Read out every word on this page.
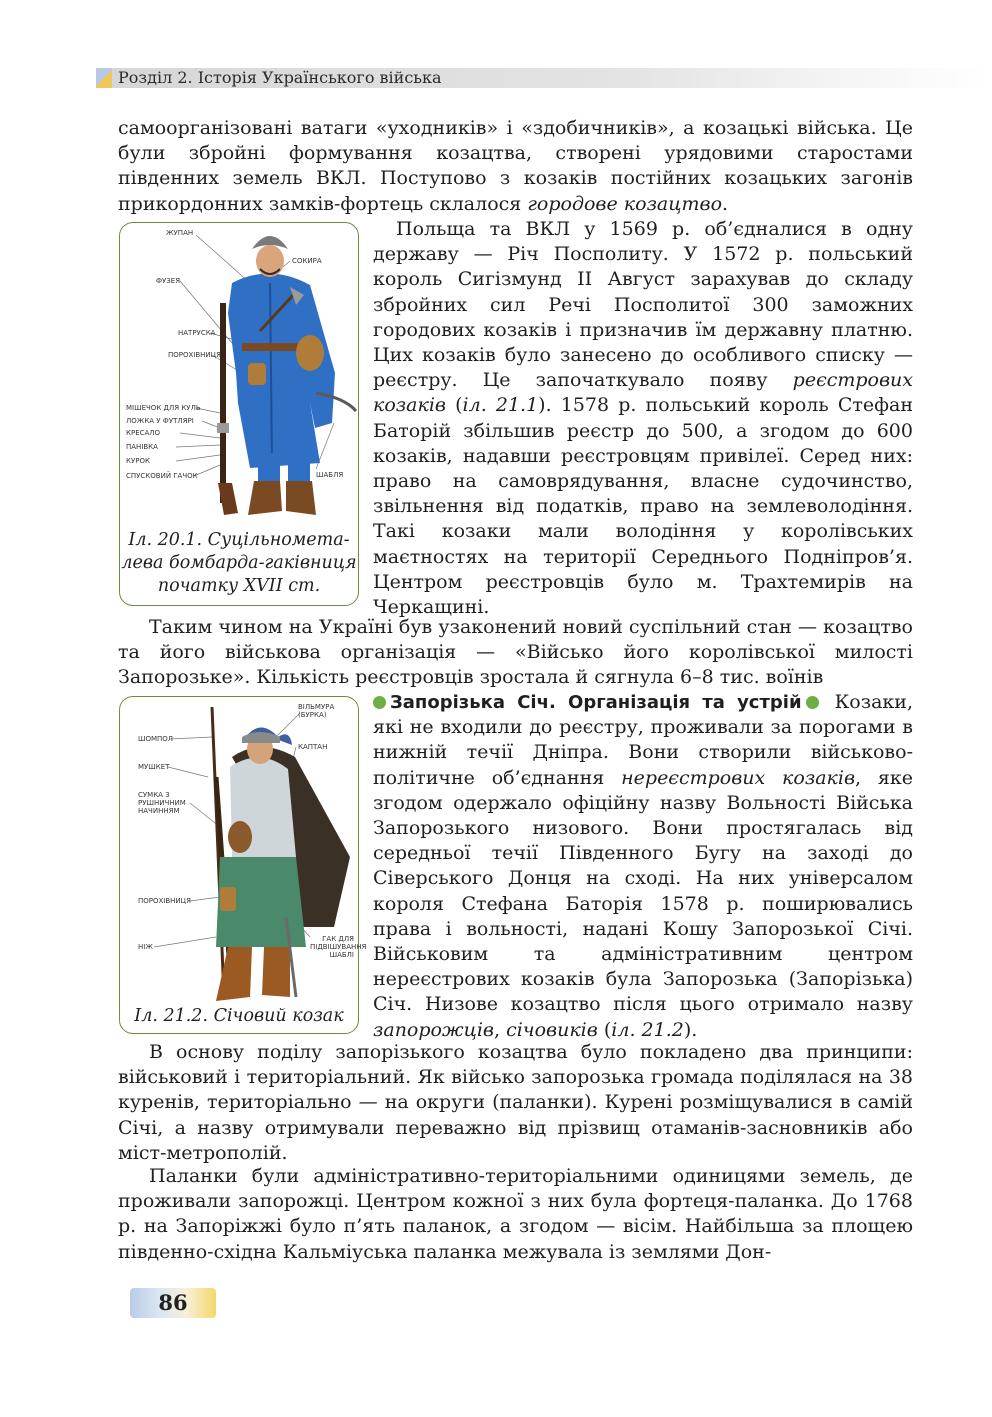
Розділ 2. Історія Українського війська

самоорганізовані ватаги «уходників» і «здобичників», а козацькі війська. Це були збройні формування козацтва, створені урядовими старостами південних земель ВКЛ. Поступово з козаків постійних козацьких загонів прикордонних замків-фортець склалося городове козацтво.

ЖУПАН
ФУЗЕЯ
НАТРУСКА
ПОРОХІВНИЦЯ
МІШЕЧОК ДЛЯ КУЛЬ
ЛОЖКА У ФУТЛЯРІ
КРЕСАЛО
ПАНІВКА
КУРОК
СПУСКОВИЙ ГАЧОК
СОКИРА
ШАБЛЯ
Іл. 20.1. Суцільномета-
лева бомбарда-гаківниця
початку XVII ст.

Польща та ВКЛ у 1569 р. об’єдналися в одну державу — Річ Посполиту. У 1572 р. польський король Сигізмунд ІІ Август зарахував до складу збройних сил Речі Посполитої 300 заможних городових козаків і призначив їм державну платню. Цих козаків було занесено до особливого списку — реєстру. Це започаткувало появу реєстрових козаків (іл. 21.1). 1578 р. польський король Стефан Баторій збільшив реєстр до 500, а згодом до 600 козаків, надавши реєстровцям привілеї. Серед них: право на самоврядування, власне судочинство, звільнення від податків, право на землеволодіння. Такі козаки мали володіння у королівських маєтностях на території Середнього Подніпров’я. Центром реєстровців було м. Трахтемирів на Черкащині.

Таким чином на Україні був узаконений новий суспільний стан — козацтво та його військова організація — «Військо його королівської милості Запорозьке». Кількість реєстровців зростала й сягнула 6–8 тис. воїнів

ШОМПОЛ
МУШКЕТ
СУМКА З РУШНИЧНИМ НАЧИННЯМ
ПОРОХІВНИЦЯ
НІЖ
ВІЛЬМУРА (БУРКА)
КАПТАН
ГАК ДЛЯ ПІДВІШУВАННЯ ШАБЛІ
Іл. 21.2. Січовий козак

Запорізька Січ. Організація та устрій Козаки, які не входили до реєстру, проживали за порогами в нижній течії Дніпра. Вони створили військово-політичне об’єднання нереєстрових козаків, яке згодом одержало офіційну назву Вольності Війська Запорозького низового. Вони простягалась від середньої течії Південного Бугу на заході до Сіверського Донця на сході. На них універсалом короля Стефана Баторія 1578 р. поширювались права і вольності, надані Кошу Запорозької Січі. Військовим та адміністративним центром нереєстрових козаків була Запорозька (Запорізька) Січ. Низове козацтво після цього отримало назву запорожців, січовиків (іл. 21.2).

В основу поділу запорізького козацтва було покладено два принципи: військовий і територіальний. Як військо запорозька громада поділялася на 38 куренів, територіально — на округи (паланки). Курені розміщувалися в самій Січі, а назву отримували переважно від прізвищ отаманів-засновників або міст-метрополій.

Паланки були адміністративно-територіальними одиницями земель, де проживали запорожці. Центром кожної з них була фортеця-паланка. До 1768 р. на Запоріжжі було п’ять паланок, а згодом — вісім. Найбільша за площею південно-східна Кальміуська паланка межувала із землями Дон-

86
